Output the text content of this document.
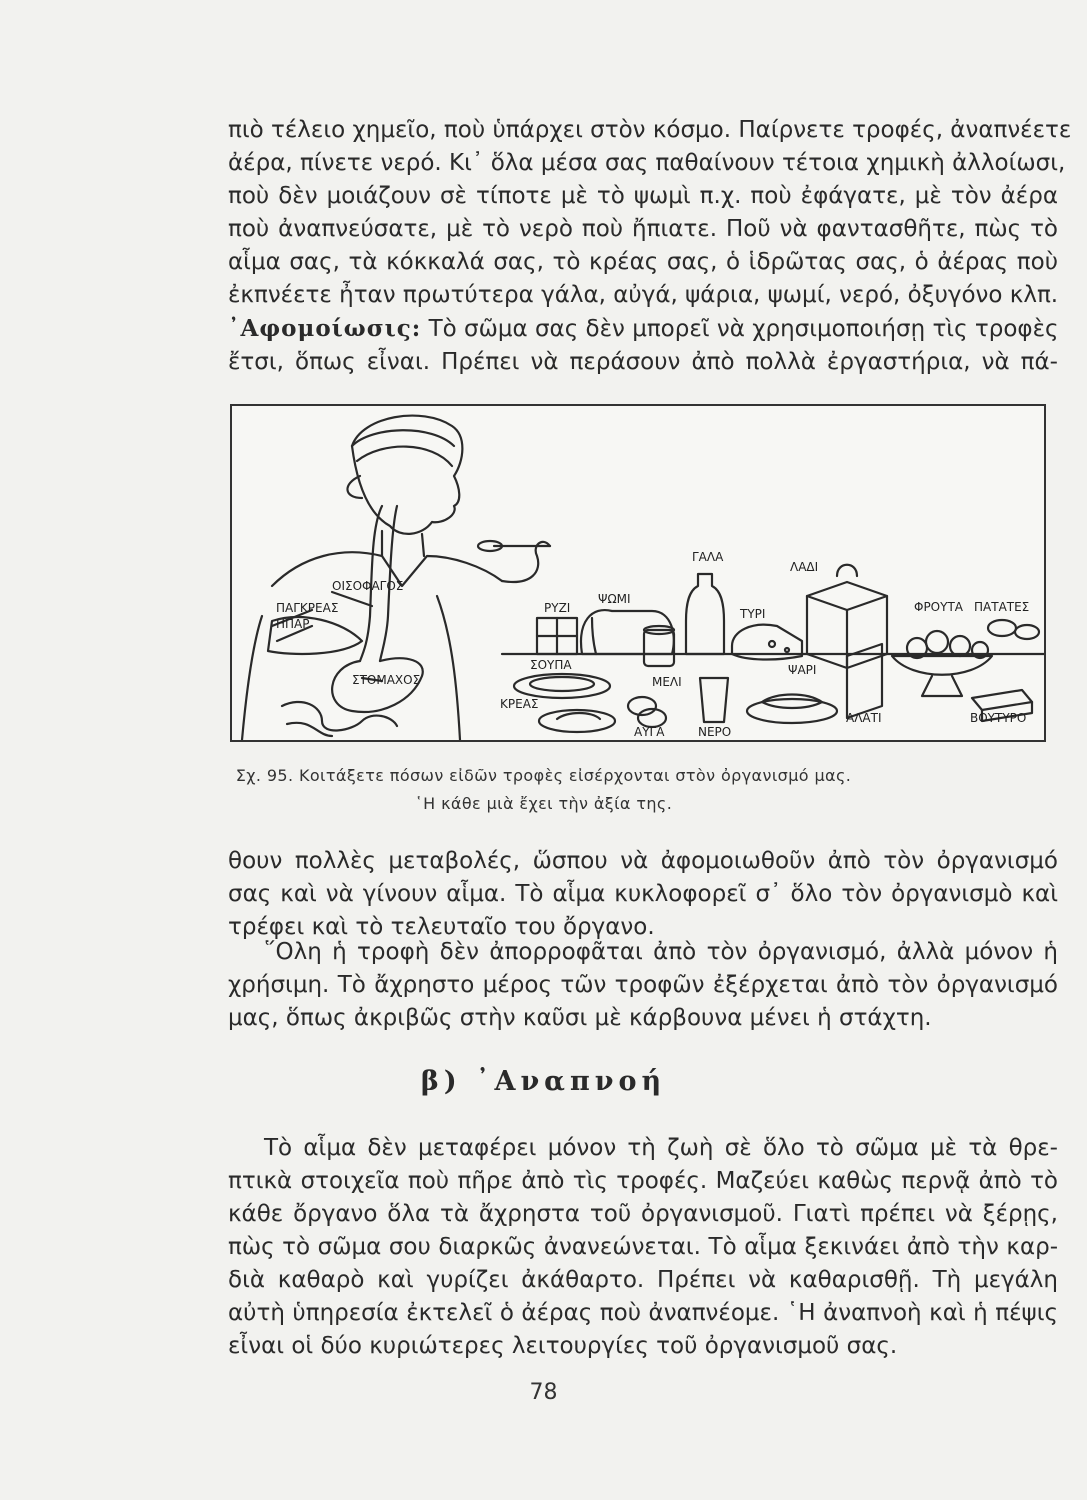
πιὸ τέλειο χημεῖο, ποὺ ὑπάρχει στὸν κόσμο. Παίρνετε τροφές, ἀναπνέετε
ἀέρα, πίνετε νερό. Κι᾽ ὅλα μέσα σας παθαίνουν τέτοια χημικὴ ἀλλοίωσι,
ποὺ δὲν μοιάζουν σὲ τίποτε μὲ τὸ ψωμὶ π.χ. ποὺ ἐφάγατε, μὲ τὸν ἀέρα
ποὺ ἀναπνεύσατε, μὲ τὸ νερὸ ποὺ ἤπιατε. Ποῦ νὰ φαντασθῆτε, πὼς τὸ
αἷμα σας, τὰ κόκκαλά σας, τὸ κρέας σας, ὁ ἱδρῶτας σας, ὁ ἀέρας ποὺ
ἐκπνέετε ἦταν πρωτύτερα γάλα, αὐγά, ψάρια, ψωμί, νερό, ὀξυγόνο κλπ.
᾽Αφομοίωσις: Τὸ σῶμα σας δὲν μπορεῖ νὰ χρησιμοποιήσῃ τὶς τροφὲς
ἔτσι, ὅπως εἶναι. Πρέπει νὰ περάσουν ἀπὸ πολλὰ ἐργαστήρια, νὰ πά-
ΟΙΣΟΦΑΓΟΣ
ΠΑΓΚΡΕΑΣ
ΗΠΑΡ
ΣΤΟΜΑΧΟΣ
ΡΥΖΙ
ΨΩΜΙ
ΓΑΛΑ
ΛΑΔΙ
ΤΥΡΙ	ΦΡΟΥΤΑ ΠΑΤΑΤΕΣ
ΣΟΥΠΑ
ΜΕΛΙ
ΨΑΡΙ
ΚΡΕΑΣ
ΑΥΓΑ	ΝΕΡΟ
ΑΛΑΤΙ	ΒΟΥΤΥΡΟ
Σχ. 95. Κοιτάξετε πόσων εἰδῶν τροφὲς εἰσέρχονται στὸν ὀργανισμό μας.
῾Η κάθε μιὰ ἔχει τὴν ἀξία της.
θουν πολλὲς μεταβολές, ὥσπου νὰ ἀφομοιωθοῦν ἀπὸ τὸν ὀργανισμό
σας καὶ νὰ γίνουν αἷμα. Τὸ αἷμα κυκλοφορεῖ σ᾽ ὅλο τὸν ὀργανισμὸ καὶ
τρέφει καὶ τὸ τελευταῖο του ὄργανο.
῞Ολη ἡ τροφὴ δὲν ἀπορροφᾶται ἀπὸ τὸν ὀργανισμό, ἀλλὰ μόνον ἡ
χρήσιμη. Τὸ ἄχρηστο μέρος τῶν τροφῶν ἐξέρχεται ἀπὸ τὸν ὀργανισμό
μας, ὅπως ἀκριβῶς στὴν καῦσι μὲ κάρβουνα μένει ἡ στάχτη.
β) ᾽Αναπνοή
Τὸ αἷμα δὲν μεταφέρει μόνον τὴ ζωὴ σὲ ὅλο τὸ σῶμα μὲ τὰ θρε-
πτικὰ στοιχεῖα ποὺ πῆρε ἀπὸ τὶς τροφές. Μαζεύει καθὼς περνᾷ ἀπὸ τὸ
κάθε ὄργανο ὅλα τὰ ἄχρηστα τοῦ ὀργανισμοῦ. Γιατὶ πρέπει νὰ ξέρῃς,
πὼς τὸ σῶμα σου διαρκῶς ἀνανεώνεται. Τὸ αἷμα ξεκινάει ἀπὸ τὴν καρ-
διὰ καθαρὸ καὶ γυρίζει ἀκάθαρτο. Πρέπει νὰ καθαρισθῇ. Τὴ μεγάλη
αὐτὴ ὑπηρεσία ἐκτελεῖ ὁ ἀέρας ποὺ ἀναπνέομε. ῾Η ἀναπνοὴ καὶ ἡ πέψις
εἶναι οἱ δύο κυριώτερες λειτουργίες τοῦ ὀργανισμοῦ σας.
78
